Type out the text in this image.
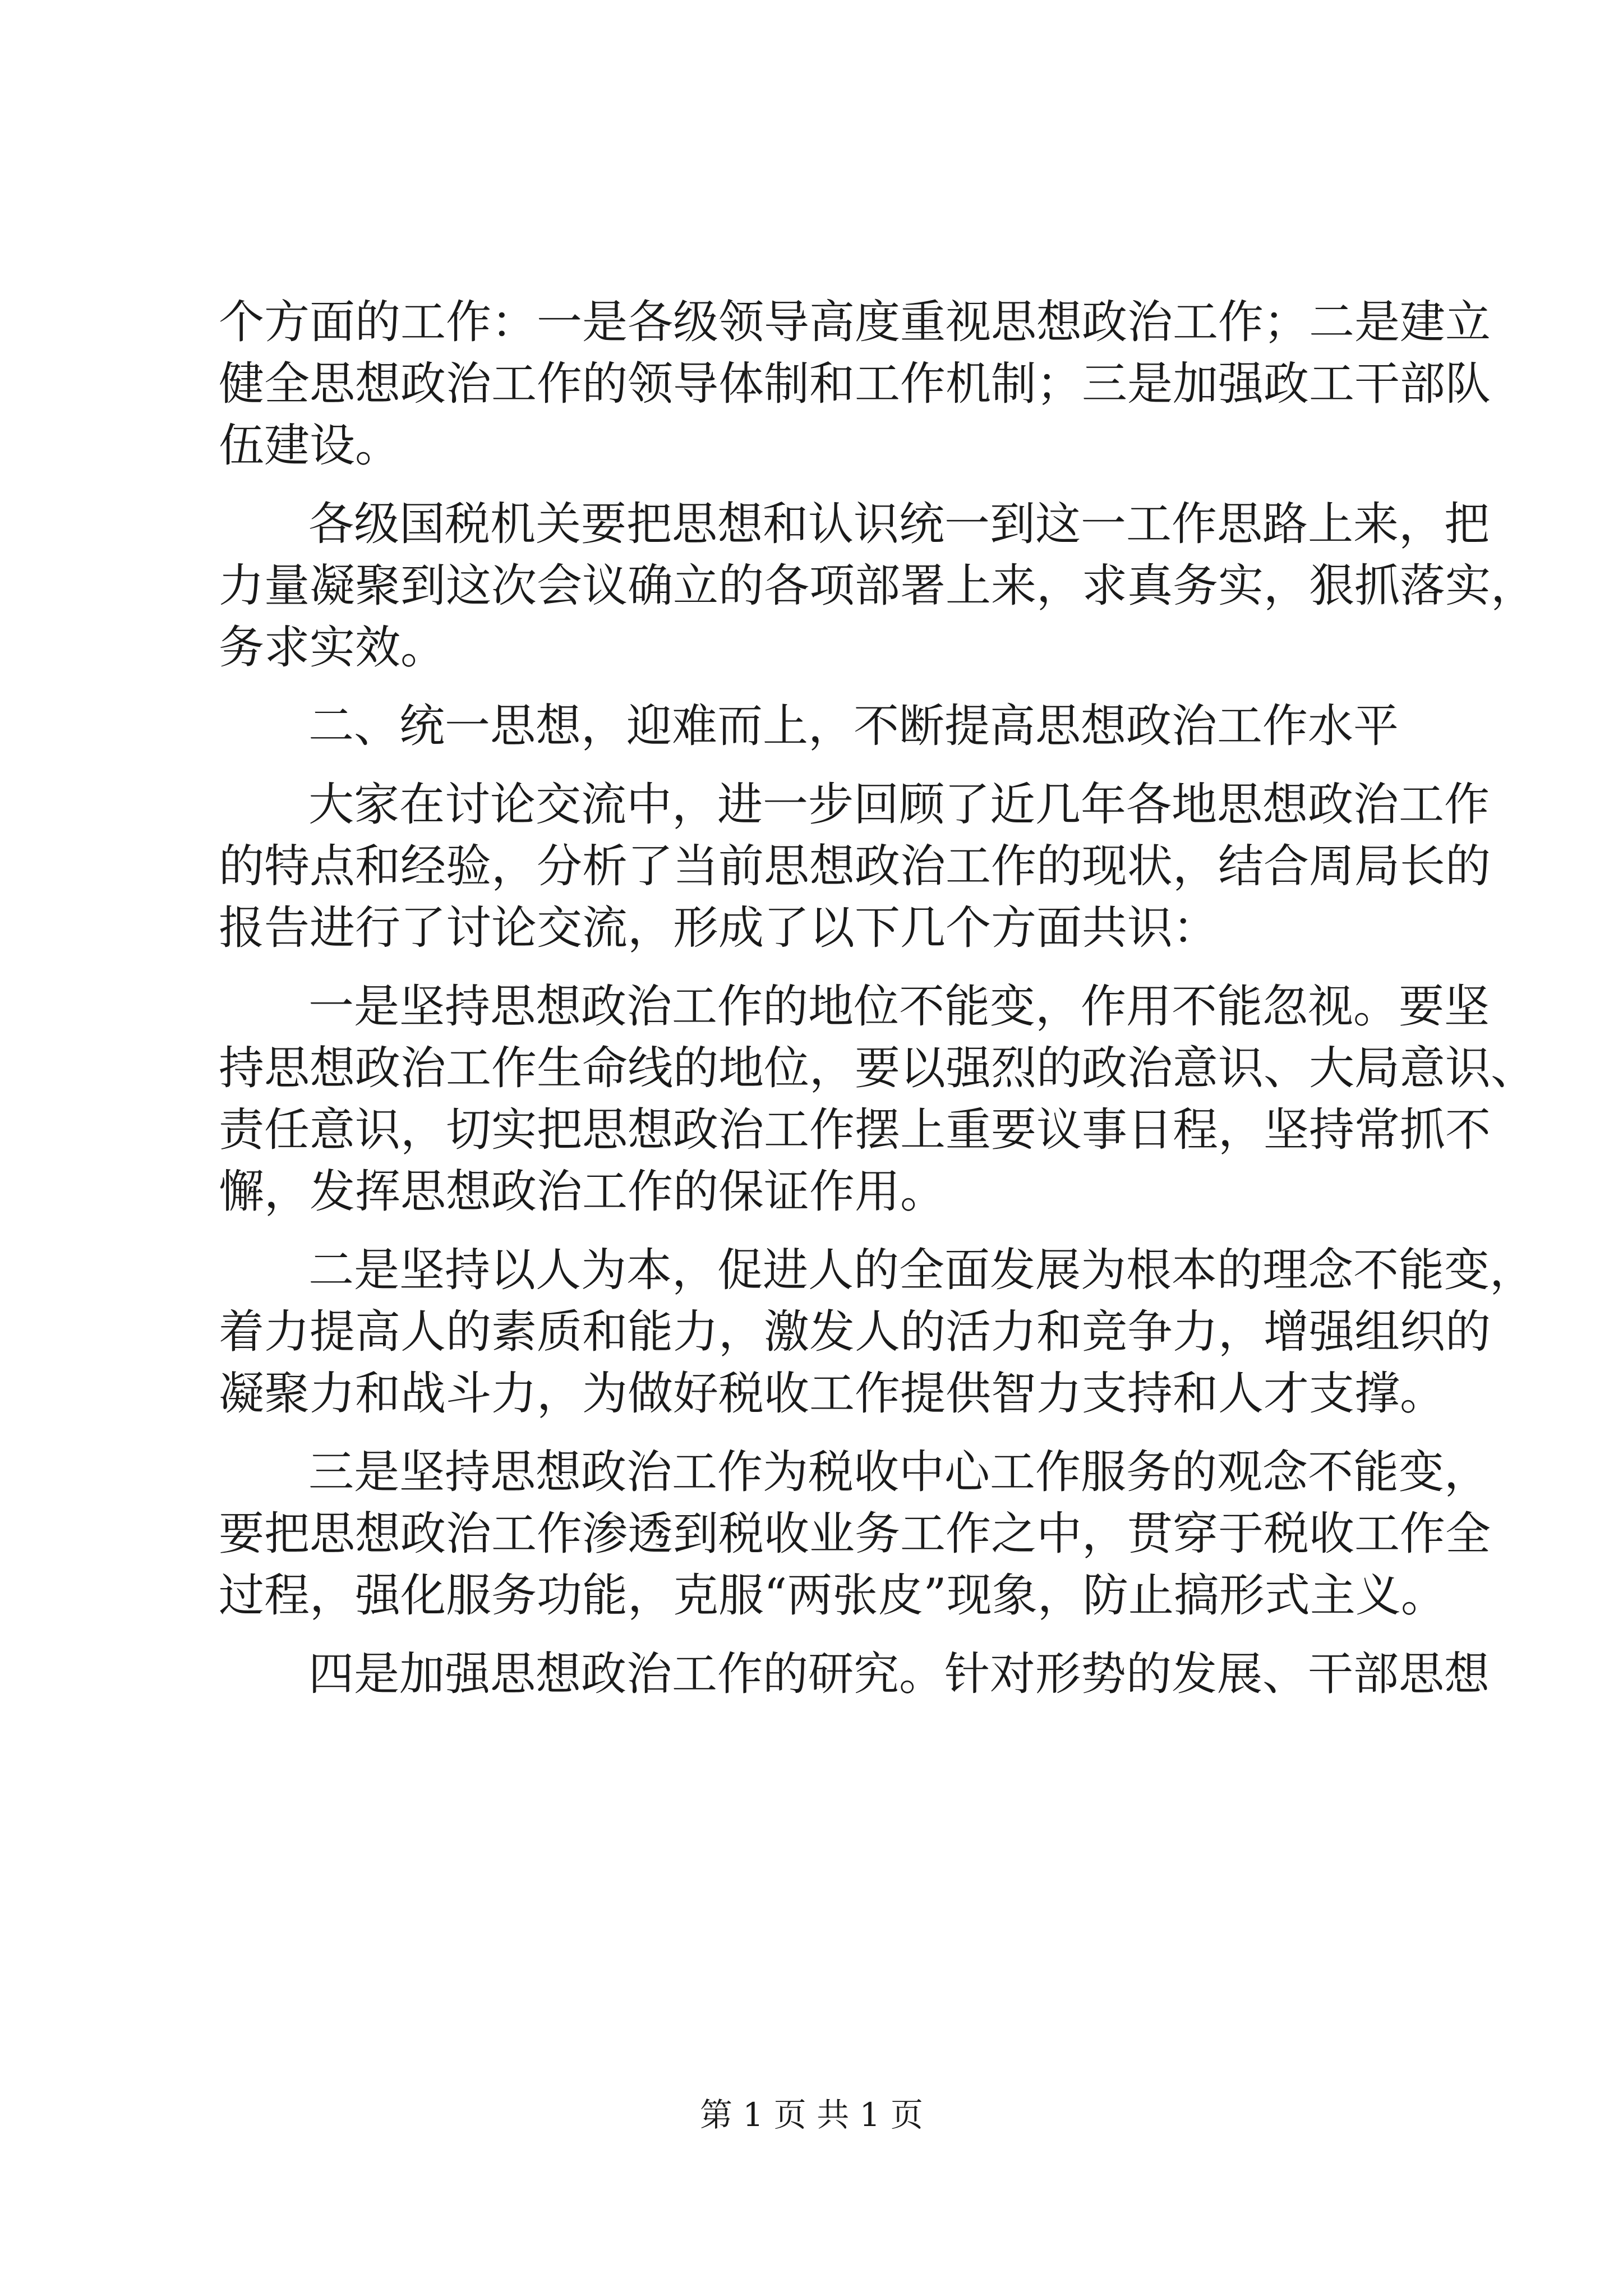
个方面的工作：一是各级领导高度重视思想政治工作；二是建立
健全思想政治工作的领导体制和工作机制；三是加强政工干部队
伍建设。
各级国税机关要把思想和认识统一到这一工作思路上来，把
力量凝聚到这次会议确立的各项部署上来，求真务实，狠抓落实，
务求实效。
二、统一思想，迎难而上，不断提高思想政治工作水平
大家在讨论交流中，进一步回顾了近几年各地思想政治工作
的特点和经验，分析了当前思想政治工作的现状，结合周局长的
报告进行了讨论交流，形成了以下几个方面共识：
一是坚持思想政治工作的地位不能变，作用不能忽视。要坚
持思想政治工作生命线的地位，要以强烈的政治意识、大局意识、
责任意识，切实把思想政治工作摆上重要议事日程，坚持常抓不
懈，发挥思想政治工作的保证作用。
二是坚持以人为本，促进人的全面发展为根本的理念不能变，
着力提高人的素质和能力，激发人的活力和竞争力，增强组织的
凝聚力和战斗力，为做好税收工作提供智力支持和人才支撑。
三是坚持思想政治工作为税收中心工作服务的观念不能变，
要把思想政治工作渗透到税收业务工作之中，贯穿于税收工作全
过程，强化服务功能，克服“两张皮”现象，防止搞形式主义。
四是加强思想政治工作的研究。针对形势的发展、干部思想
第 1 页 共 1 页
